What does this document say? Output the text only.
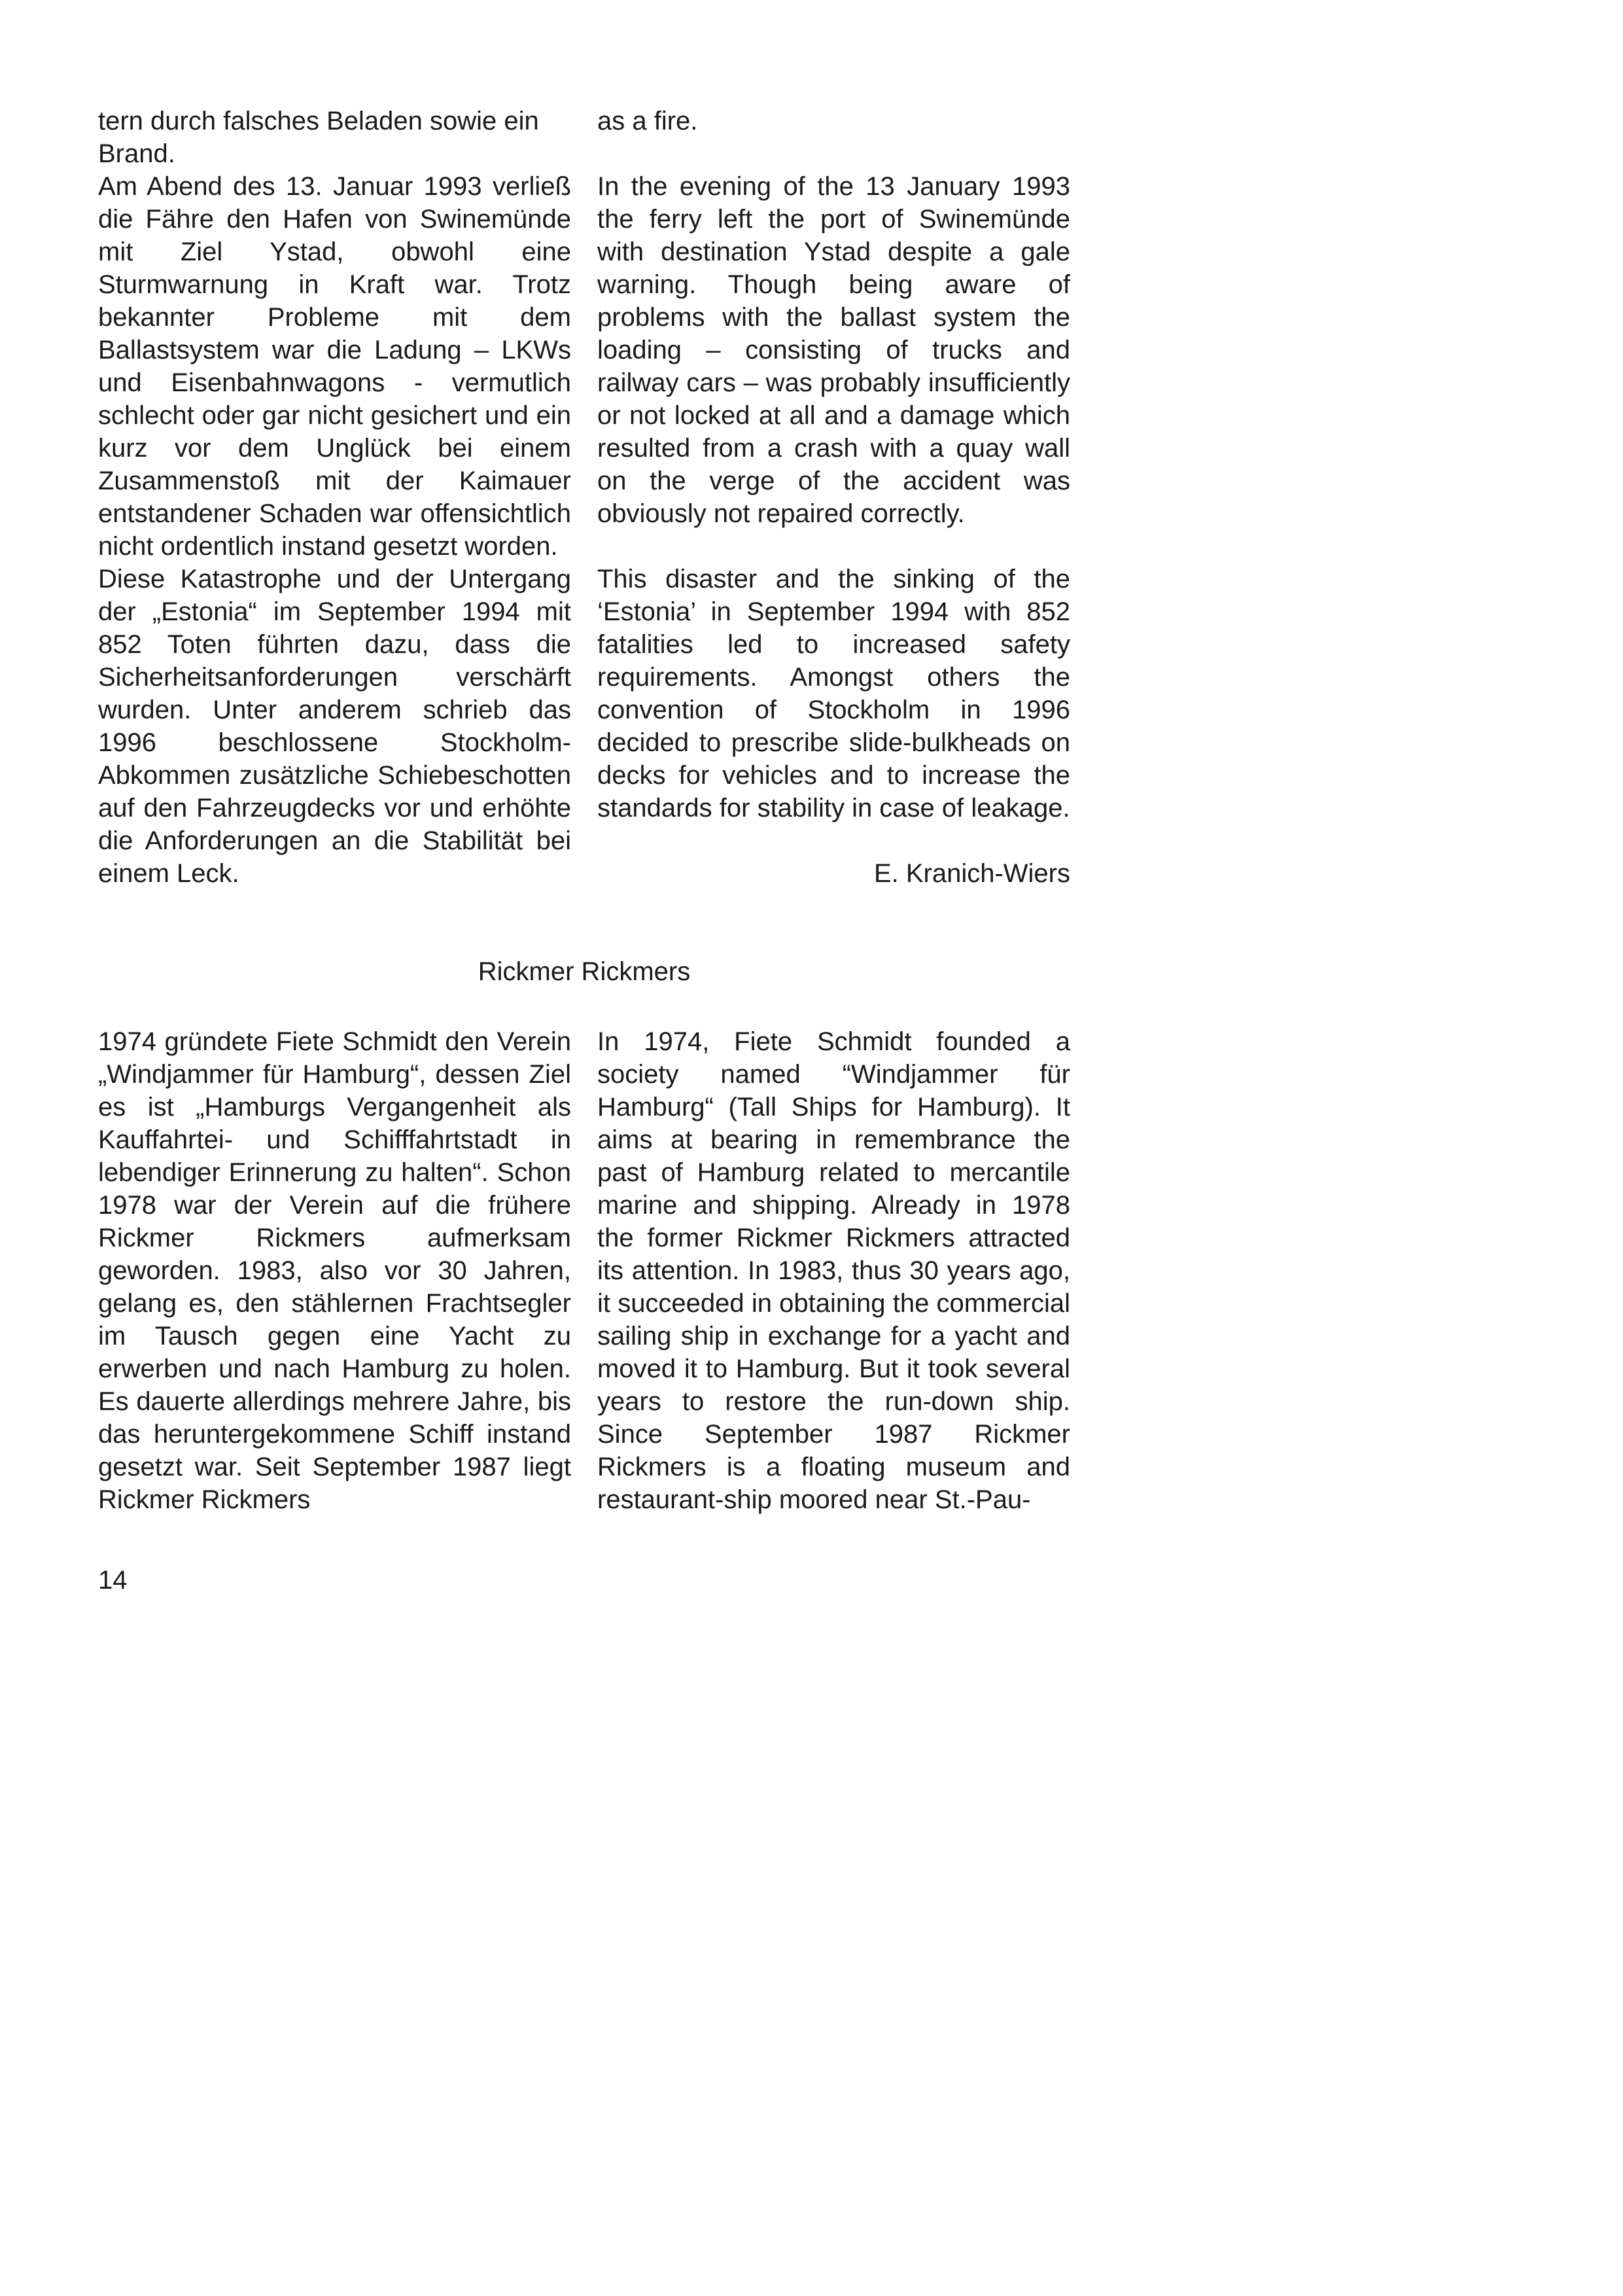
tern durch falsches Beladen sowie ein Brand.

Am Abend des 13. Januar 1993 verließ die Fähre den Hafen von Swinemünde mit Ziel Ystad, obwohl eine Sturmwarnung in Kraft war. Trotz bekannter Probleme mit dem Ballastsystem war die Ladung – LKWs und Eisenbahnwagons - vermutlich schlecht oder gar nicht gesichert und ein kurz vor dem Unglück bei einem Zusammenstoß mit der Kaimauer entstandener Schaden war offensichtlich nicht ordentlich instand gesetzt worden.

Diese Katastrophe und der Untergang der „Estonia“ im September 1994 mit 852 Toten führten dazu, dass die Sicherheitsanforderungen verschärft wurden. Unter anderem schrieb das 1996 beschlossene Stockholm-Abkommen zusätzliche Schiebeschotten auf den Fahrzeugdecks vor und erhöhte die Anforderungen an die Stabilität bei einem Leck.

as a fire.

In the evening of the 13 January 1993 the ferry left the port of Swinemünde with destination Ystad despite a gale warning. Though being aware of problems with the ballast system the loading – consisting of trucks and railway cars – was probably insufficiently or not locked at all and a damage which resulted from a crash with a quay wall on the verge of the accident was obviously not repaired correctly.

This disaster and the sinking of the ‘Estonia’ in September 1994 with 852 fatalities led to increased safety requirements. Amongst others the convention of Stockholm in 1996 decided to prescribe slide-bulkheads on decks for vehicles and to increase the standards for stability in case of leakage.

E. Kranich-Wiers

Rickmer Rickmers

1974 gründete Fiete Schmidt den Verein „Windjammer für Hamburg“, dessen Ziel es ist „Hamburgs Vergangenheit als Kauffahrtei- und Schifffahrtstadt in lebendiger Erinnerung zu halten“. Schon 1978 war der Verein auf die frühere Rickmer Rickmers aufmerksam geworden. 1983, also vor 30 Jahren, gelang es, den stählernen Frachtsegler im Tausch gegen eine Yacht zu erwerben und nach Hamburg zu holen. Es dauerte allerdings mehrere Jahre, bis das heruntergekommene Schiff instand gesetzt war. Seit September 1987 liegt Rickmer Rickmers

In 1974, Fiete Schmidt founded a society named “Windjammer für Hamburg“ (Tall Ships for Hamburg). It aims at bearing in remembrance the past of Hamburg related to mercantile marine and shipping. Already in 1978 the former Rickmer Rickmers attracted its attention. In 1983, thus 30 years ago, it succeeded in obtaining the commercial sailing ship in exchange for a yacht and moved it to Hamburg. But it took several years to restore the run-down ship. Since September 1987 Rickmer Rickmers is a floating museum and restaurant-ship moored near St.-Pau-

14
